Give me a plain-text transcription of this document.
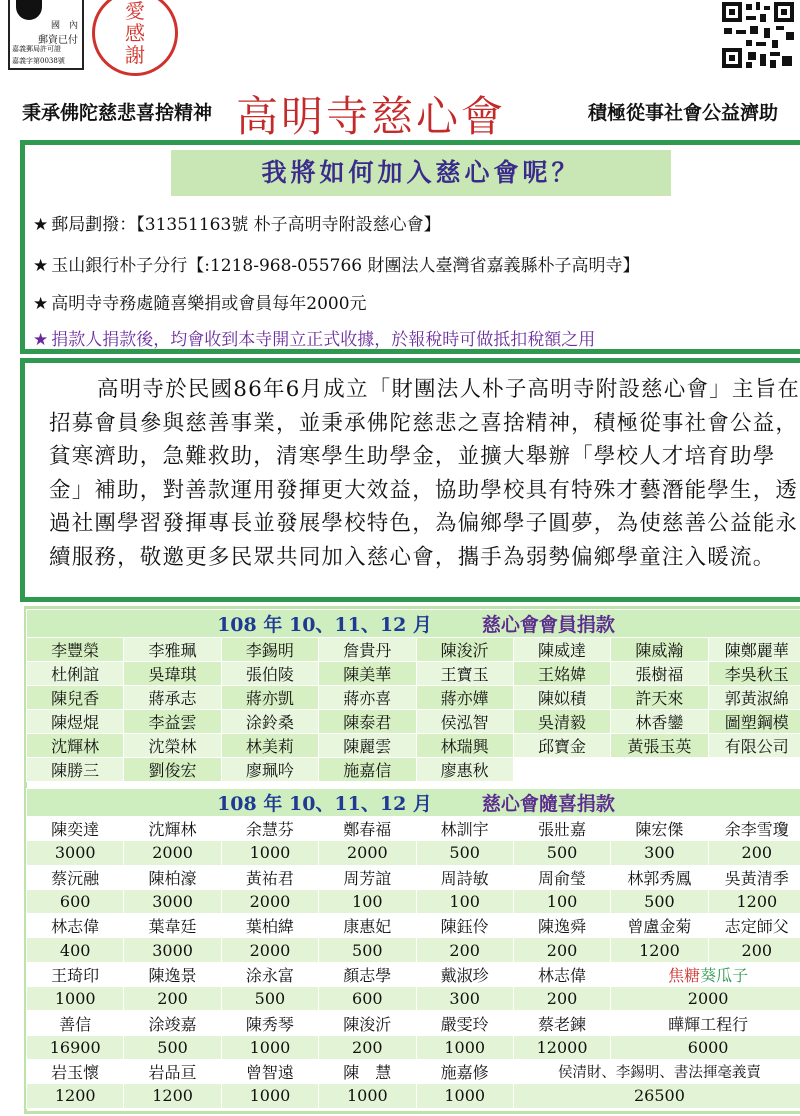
國　內
郵資已付
嘉義郵局許可證
嘉義字第0038號
愛
感
謝
秉承佛陀慈悲喜捨精神 高明寺慈心會	積極從事社會公益濟助
我將如何加入慈心會呢？
★ 郵局劃撥：【31351163號 朴子高明寺附設慈心會】
★ 玉山銀行朴子分行【:1218-968-055766 財團法人臺灣省嘉義縣朴子高明寺】
★ 高明寺寺務處隨喜樂捐或會員每年2000元
★ 捐款人捐款後，均會收到本寺開立正式收據，於報稅時可做抵扣稅額之用

高明寺於民國86年6月成立「財團法人朴子高明寺附設慈心會」主旨在招募會員參與慈善事業，並秉承佛陀慈悲之喜捨精神，積極從事社會公益，貧寒濟助，急難救助，清寒學生助學金，並擴大舉辦「學校人才培育助學金」補助，對善款運用發揮更大效益，協助學校具有特殊才藝潛能學生，透過社團學習發揮專長並發展學校特色，為偏鄉學子圓夢，為使慈善公益能永續服務，敬邀更多民眾共同加入慈心會，攜手為弱勢偏鄉學童注入暖流。

108 年 10、11、12 月 慈心會會員捐款							
李豐榮	李雅珮	李錫明	詹貴丹	陳浚沂	陳威達	陳威瀚	陳鄭麗華
杜俐誼	吳瑋琪	張伯陵	陳美華	王寶玉	王姳媁	張樹福	李吳秋玉
陳兒香	蔣承志	蔣亦凱	蔣亦喜	蔣亦嬅	陳姒積	許天來	郭黃淑綿
陳煜焜	李益雲	涂鈴桑	陳泰君	侯泓智	吳清毅	林香鑾	圖塑鋼模
沈輝林	沈榮林	林美莉	陳麗雲	林瑞興	邱寶金	黃張玉英	有限公司
陳勝三	劉俊宏	廖珮吟	施嘉信	廖惠秋			
108 年 10、11、12 月 慈心會隨喜捐款							
陳奕達	沈輝林	余慧芬	鄭春福	林訓宇	張壯嘉	陳宏傑	余李雪瓊
3000	2000	1000	2000	500	500	300	200
蔡沅融	陳柏濠	黃祐君	周芳誼	周詩敏	周俞瑩	林郭秀鳳	吳黃清季
600	3000	2000	100	100	100	500	1200
林志偉	葉韋廷	葉柏緯	康惠妃	陳鈺伶	陳逸舜	曾盧金菊	志定師父
400	3000	2000	500	200	200	1200	200
王琦印	陳逸景	涂永富	顏志學	戴淑珍	林志偉	焦糖葵瓜子	
1000	200	500	600	300	200	2000	
善信	涂竣嘉	陳秀琴	陳浚沂	嚴雯玲	蔡老鍊	曄輝工程行	
16900	500	1000	200	1000	12000	6000	
岩玉懷	岩品亘	曾智遠	陳　慧	施嘉修	侯清財、李錫明、書法揮毫義賣		
1200	1200	1000	1000	1000	26500		
